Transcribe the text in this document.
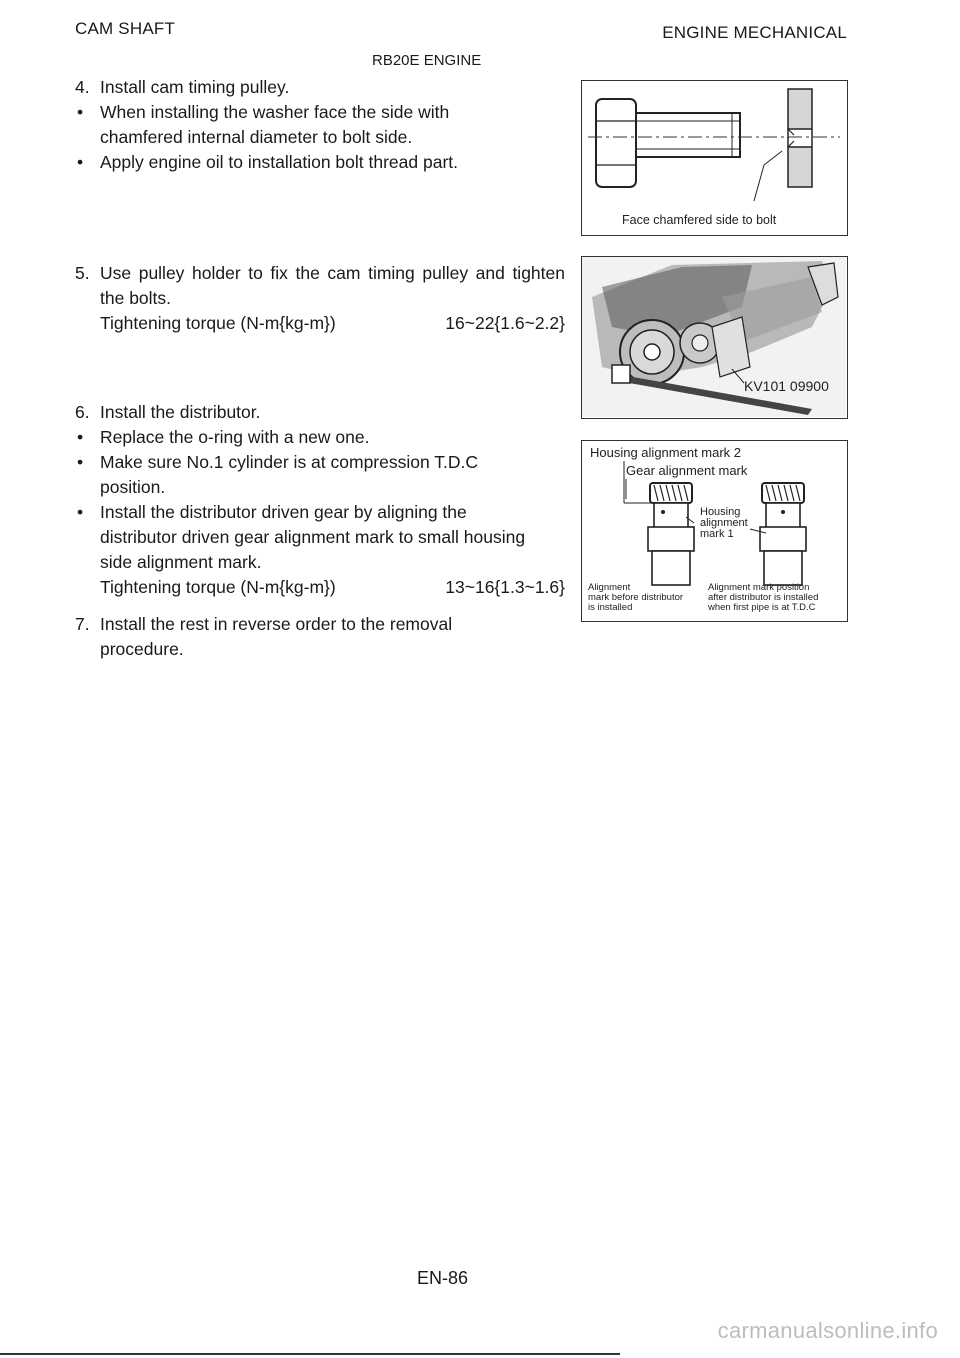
CAM SHAFT	ENGINE MECHANICAL
RB20E ENGINE
4. Install cam timing pulley.
• When installing the washer face the side with chamfered internal diameter to bolt side.
• Apply engine oil to installation bolt thread part.
5. Use pulley holder to fix the cam timing pulley and tighten the bolts.
Tightening torque (N-m{kg-m})	16~22{1.6~2.2}
6. Install the distributor.
• Replace the o-ring with a new one.
• Make sure No.1 cylinder is at compression T.D.C position.
• Install the distributor driven gear by aligning the distributor driven gear alignment mark to small housing side alignment mark.
Tightening torque (N-m{kg-m})	13~16{1.3~1.6}
7. Install the rest in reverse order to the removal procedure.
Face chamfered side to bolt
KV101 09900
Housing alignment mark 2
Gear alignment mark
Housing
alignment
mark 1
Alignment
mark before distributor
is installed
Alignment mark position
after distributor is installed
when first pipe is at T.D.C
EN-86
carmanualsonline.info
